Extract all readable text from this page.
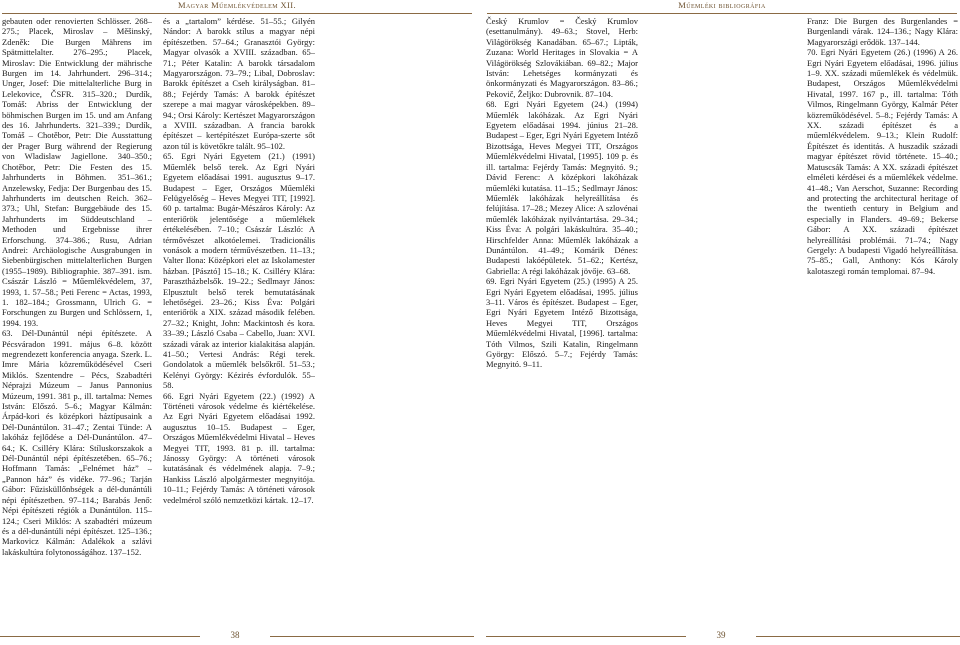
Magyar Műemlékvédelem XII.	Műemléki bibliográfia

gebauten oder renovierten Schlösser. 268–275.; Placek, Miroslav – Měšinský, Zdeněk: Die Burgen Mährens im Spätmittelalter. 276–295.; Placek, Miroslav: Die Entwicklung der mährische Burgen im 14. Jahrhundert. 296–314.; Unger, Josef: Die mittelalterliche Burg in Lelekovice, ČSFR. 315–320.; Durdík, Tomáš: Abriss der Entwicklung der böhmischen Burgen im 15. und am Anfang des 16. Jahrhunderts. 321–339.; Durdík, Tomáš – Chotěbor, Petr: Die Ausstattung der Prager Burg während der Regierung von Wladislaw Jagiellone. 340–350.; Chotěbor, Petr: Die Festen des 15. Jahrhunderts in Böhmen. 351–361.; Anzelewsky, Fedja: Der Burgenbau des 15. Jahrhunderts im deutschen Reich. 362–373.; Uhl, Stefan: Burggebäude des 15. Jahrhunderts im Süddeutschland – Methoden und Ergebnisse ihrer Erforschung. 374–386.; Rusu, Adrian Andrei: Archäologische Ausgrabungen in Siebenbürgischen mittelalterlichen Burgen (1955–1989). Bibliographie. 387–391. ism. Császár László = Műemlékvédelem, 37, 1993, 1. 57–58.; Peti Ferenc = Actas, 1993, 1. 182–184.; Grossmann, Ulrich G. = Forschungen zu Burgen und Schlössern, 1, 1994. 193.

63. Dél-Dunántúl népi építészete. A Pécsváradon 1991. május 6–8. között megrendezett konferencia anyaga. Szerk. L. Imre Mária közreműködésével Cseri Miklós. Szentendre – Pécs, Szabadtéri Néprajzi Múzeum – Janus Pannonius Múzeum, 1991. 381 p., ill. tartalma: Nemes István: Előszó. 5–6.; Magyar Kálmán: Árpád-kori és középkori háztípusaink a Dél-Dunántúlon. 31–47.; Zentai Tünde: A lakóház fejlődése a Dél-Dunántúlon. 47–64.; K. Csilléry Klára: Stíluskorszakok a Dél-Dunántúl népi építészetében. 65–76.; Hoffmann Tamás: „Felnémet ház” – „Pannon ház” és vidéke. 77–96.; Tarján Gábor: Fűzisküllőnbségek a dél-dunántúli népi építészetben. 97–114.; Barabás Jenő: Népi építészeti régiók a Dunántúlon. 115–124.; Cseri Miklós: A szabadtéri múzeum és a dél-dunántúli népi építészet. 125–136.; Markovicz Kálmán: Adalékok a szlávi lakáskultúra folytonosságához. 137–152.

és a „tartalom” kérdése. 51–55.; Gilyén Nándor: A barokk stílus a magyar népi építészetben. 57–64.; Granasztói György: Magyar olvasók a XVIII. században. 65–71.; Péter Katalin: A barokk társadalom Magyarországon. 73–79.; Libal, Dobroslav: Barokk építészet a Cseh királyságban. 81–88.; Fejérdy Tamás: A barokk építészet szerepe a mai magyar városképekben. 89–94.; Orsi Károly: Kertészet Magyarországon a XVIII. században. A francia barokk építészet – kertépítészet Európa-szerte sőt azon túl is követőkre talált. 95–102.

65. Egri Nyári Egyetem (21.) (1991) Műemlék belső terek. Az Egri Nyári Egyetem előadásai 1991. augusztus 9–17. Budapest – Eger, Országos Műemléki Felügyelőség – Heves Megyei TIT, [1992]. 60 p. tartalma: Bugár-Mészáros Károly: Az enteriőrök jelentősége a műemlékek értékelésében. 7–10.; Császár László: A térmővészet alkotóelemei. Tradicionális vonások a modern térművészetben. 11–13.; Valter Ilona: Középkori elet az Iskolamester házban. [Pásztó] 15–18.; K. Csilléry Klára: Parasztházbelsők. 19–22.; Sedlmayr János: Elpusztult belső terek bemutatásának lehetőségei. 23–26.; Kiss Éva: Polgári enteriőrök a XIX. század második felében. 27–32.; Knight, John: Mackintosh és kora. 33–39.; László Csaba – Cabello, Juan: XVI. századi várak az interior kialakitása alapján. 41–50.; Vertesi András: Régi terek. Gondolatok a műemlék belsőkről. 51–53.; Kelényi György: Kézirés évfordulók. 55–58.

66. Egri Nyári Egyetem (22.) (1992) A Történeti városok védelme és kiértékelése. Az Egri Nyári Egyetem előadásai 1992. augusztus 10–15. Budapest – Eger, Országos Műemlékvédelmi Hivatal – Heves Megyei TIT, 1993. 81 p. ill. tartalma: Jánossy György: A történeti városok kutatásának és védelmének alapja. 7–9.; Hankiss László alpolgármester megnyitója. 10–11.; Fejérdy Tamás: A történeti városok vedelmérol szóló nemzetközi kártak. 12–17.

Český Krumlov = Český Krumlov (esettanulmány). 49–63.; Stovel, Herb: Világörökség Kanadában. 65–67.; Lipták, Zuzana: World Heritages in Slovakia = A Világörökség Szlovákiában. 69–82.; Major István: Lehetséges kormányzati és önkormányzati és Magyarországon. 83–86.; Pekovič, Željko: Dubrovnik. 87–104.

68. Egri Nyári Egyetem (24.) (1994) Műemlék lakóházak. Az Egri Nyári Egyetem előadásai 1994. június 21–28. Budapest – Eger, Egri Nyári Egyetem Intéző Bizottsága, Heves Megyei TIT, Országos Műemlékvédelmi Hivatal, [1995]. 109 p. és ill. tartalma: Fejérdy Tamás: Megnyitó. 9.; Dávid Ferenc: A középkori lakóházak műemléki kutatása. 11–15.; Sedlmayr János: Műemlék lakóházak helyreállítása és felújítása. 17–28.; Mezey Alice: A szlovénai műemlék lakóházak nyilvántartása. 29–34.; Kiss Éva: A polgári lakáskultúra. 35–40.; Hirschfelder Anna: Műemlék lakóházak a Dunántúlon. 41–49.; Komárik Dénes: Budapesti lakóépületek. 51–62.; Kertész, Gabriella: A régi lakóházak jövője. 63–68.

69. Egri Nyári Egyetem (25.) (1995) A 25. Egri Nyári Egyetem előadásai, 1995. július 3–11. Város és építészet. Budapest – Eger, Egri Nyári Egyetem Intéző Bizottsága, Heves Megyei TIT, Országos Műemlékvédelmi Hivatal, [1996]. tartalma: Tóth Vilmos, Szili Katalin, Ringelmann György: Előszó. 5–7.; Fejérdy Tamás: Megnyitó. 9–11.

Franz: Die Burgen des Burgenlandes = Burgenlandi várak. 124–136.; Nagy Klára: Magyarországi erődök. 137–144.

70. Egri Nyári Egyetem (26.) (1996) A 26. Egri Nyári Egyetem előadásai, 1996. július 1–9. XX. századi műemlékek és védelmük. Budapest, Országos Műemlékvédelmi Hivatal, 1997. 167 p., ill. tartalma: Tóth Vilmos, Ringelmann György, Kalmár Péter közreműködésével. 5–8.; Fejérdy Tamás: A XX. századi építészet és a műemlékvédelem. 9–13.; Klein Rudolf: Építészet és identitás. A huszadik századi magyar építészet rövid története. 15–40.; Matuscsák Tamás: A XX. századi építészet elméleti kérdései és a műemlékek védelme. 41–48.; Van Aerschot, Suzanne: Recording and protecting the architectural heritage of the twentieth century in Belgium and especially in Flanders. 49–69.; Bekerse Gábor: A XX. századi építészet helyreállítási problémái. 71–74.; Nagy Gergely: A budapesti Vigadó helyreállítása. 75–85.; Gall, Anthony: Kós Károly kalotaszegi román templomai. 87–94.

38	39
